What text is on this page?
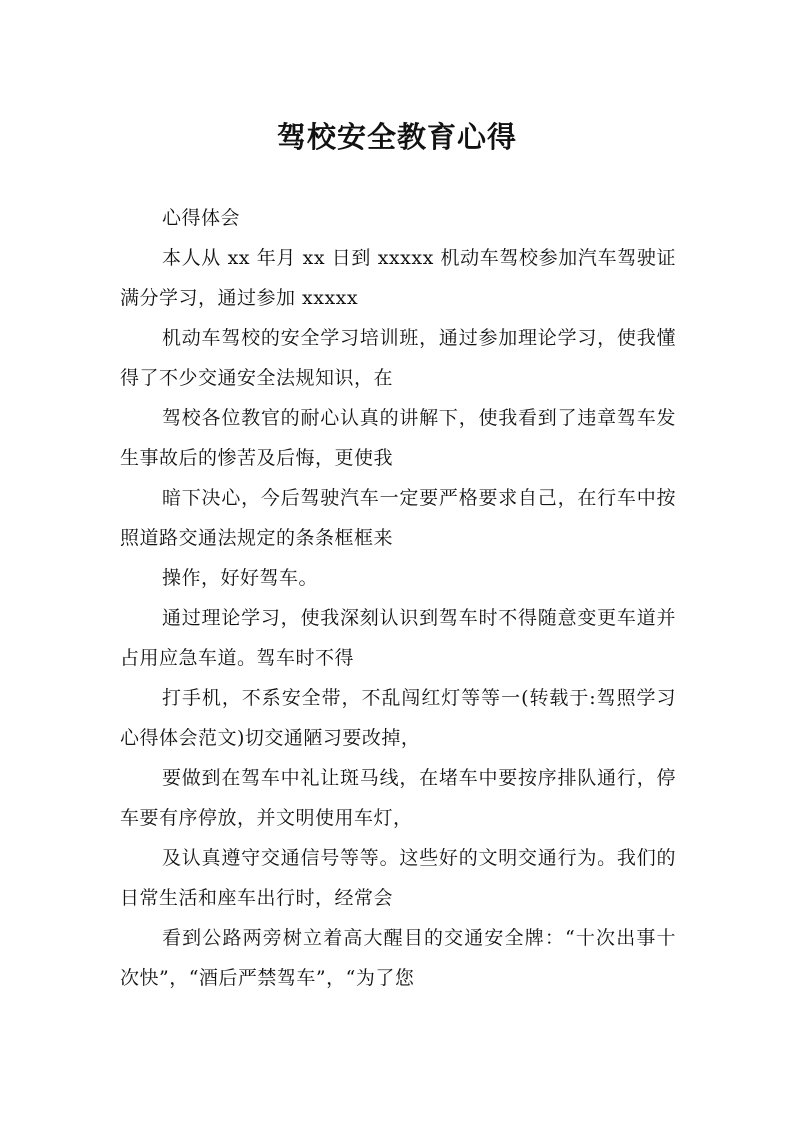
驾校安全教育心得

心得体会

本人从 xx 年月 xx 日到 xxxxx 机动车驾校参加汽车驾驶证满分学习，通过参加 xxxxx

机动车驾校的安全学习培训班，通过参加理论学习，使我懂得了不少交通安全法规知识，在

驾校各位教官的耐心认真的讲解下，使我看到了违章驾车发生事故后的惨苦及后悔，更使我

暗下决心，今后驾驶汽车一定要严格要求自己，在行车中按照道路交通法规定的条条框框来

操作，好好驾车。

通过理论学习，使我深刻认识到驾车时不得随意变更车道并占用应急车道。驾车时不得

打手机，不系安全带，不乱闯红灯等等一(转载于:驾照学习心得体会范文)切交通陋习要改掉，

要做到在驾车中礼让斑马线，在堵车中要按序排队通行，停车要有序停放，并文明使用车灯，

及认真遵守交通信号等等。这些好的文明交通行为。我们的日常生活和座车出行时，经常会

看到公路两旁树立着高大醒目的交通安全牌：“十次出事十次快”，“酒后严禁驾车”，“为了您
